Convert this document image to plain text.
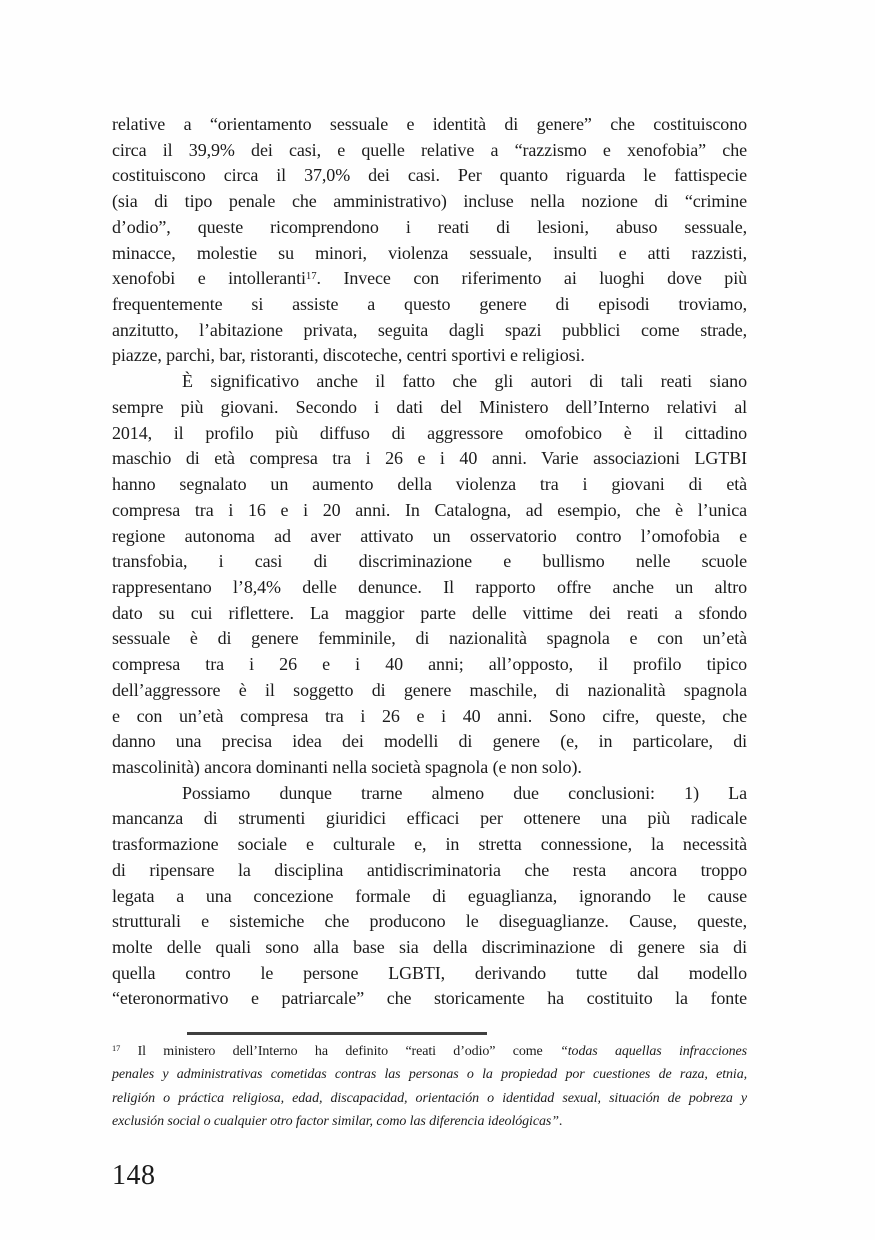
relative a “orientamento sessuale e identità di genere” che costituiscono
circa il 39,9% dei casi, e quelle relative a “razzismo e xenofobia” che
costituiscono circa il 37,0% dei casi. Per quanto riguarda le fattispecie
(sia di tipo penale che amministrativo) incluse nella nozione di “crimine
d’odio”, queste ricomprendono i reati di lesioni, abuso sessuale,
minacce, molestie su minori, violenza sessuale, insulti e atti razzisti,
xenofobi e intolleranti$^{17}$. Invece con riferimento ai luoghi dove più
frequentemente si assiste a questo genere di episodi troviamo,
anzitutto, l’abitazione privata, seguita dagli spazi pubblici come strade,
piazze, parchi, bar, ristoranti, discoteche, centri sportivi e religiosi.
È significativo anche il fatto che gli autori di tali reati siano
sempre più giovani. Secondo i dati del Ministero dell’Interno relativi al
2014, il profilo più diffuso di aggressore omofobico è il cittadino
maschio di età compresa tra i 26 e i 40 anni. Varie associazioni LGTBI
hanno segnalato un aumento della violenza tra i giovani di età
compresa tra i 16 e i 20 anni. In Catalogna, ad esempio, che è l’unica
regione autonoma ad aver attivato un osservatorio contro l’omofobia e
transfobia, i casi di discriminazione e bullismo nelle scuole
rappresentano l’8,4% delle denunce. Il rapporto offre anche un altro
dato su cui riflettere. La maggior parte delle vittime dei reati a sfondo
sessuale è di genere femminile, di nazionalità spagnola e con un’età
compresa tra i 26 e i 40 anni; all’opposto, il profilo tipico
dell’aggressore è il soggetto di genere maschile, di nazionalità spagnola
e con un’età compresa tra i 26 e i 40 anni. Sono cifre, queste, che
danno una precisa idea dei modelli di genere (e, in particolare, di
mascolinità) ancora dominanti nella società spagnola (e non solo).
Possiamo dunque trarne almeno due conclusioni: 1) La
mancanza di strumenti giuridici efficaci per ottenere una più radicale
trasformazione sociale e culturale e, in stretta connessione, la necessità
di ripensare la disciplina antidiscriminatoria che resta ancora troppo
legata a una concezione formale di eguaglianza, ignorando le cause
strutturali e sistemiche che producono le diseguaglianze. Cause, queste,
molte delle quali sono alla base sia della discriminazione di genere sia di
quella contro le persone LGBTI, derivando tutte dal modello
“eteronormativo e patriarcale” che storicamente ha costituito la fonte
$^{17}$ Il ministero dell’Interno ha definito “reati d’odio” come “todas aquellas infracciones
penales y administrativas cometidas contras las personas o la propiedad por cuestiones de raza, etnia,
religión o práctica religiosa, edad, discapacidad, orientación o identidad sexual, situación de pobreza y
exclusión social o cualquier otro factor similar, como las diferencia ideológicas”.
148
